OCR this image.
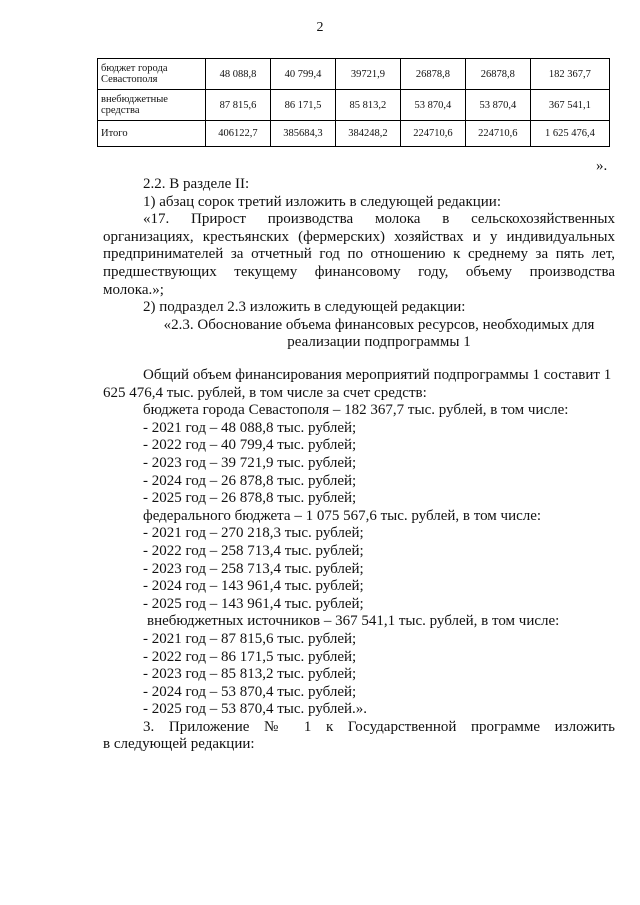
2
бюджет города Севастополя	48 088,8	40 799,4	39721,9	26878,8	26878,8	182 367,7
внебюджетные средства	87 815,6	86 171,5	85 813,2	53 870,4	53 870,4	367 541,1
Итого	406122,7	385684,3	384248,2	224710,6	224710,6	1 625 476,4
».
2.2. В разделе II:
1) абзац сорок третий изложить в следующей редакции:
«17. Прирост производства молока в сельскохозяйственных
организациях, крестьянских (фермерских) хозяйствах и у индивидуальных
предпринимателей за отчетный год по отношению к среднему за пять лет,
предшествующих текущему финансовому году, объему производства
молока.»;
2) подраздел 2.3 изложить в следующей редакции:
«2.3. Обоснование объема финансовых ресурсов, необходимых для
реализации подпрограммы 1
Общий объем финансирования мероприятий подпрограммы 1 составит 1
625 476,4 тыс. рублей, в том числе за счет средств:
бюджета города Севастополя – 182 367,7 тыс. рублей, в том числе:
- 2021 год – 48 088,8 тыс. рублей;
- 2022 год – 40 799,4 тыс. рублей;
- 2023 год – 39 721,9 тыс. рублей;
- 2024 год – 26 878,8 тыс. рублей;
- 2025 год – 26 878,8 тыс. рублей;
федерального бюджета – 1 075 567,6 тыс. рублей, в том числе:
- 2021 год – 270 218,3 тыс. рублей;
- 2022 год – 258 713,4 тыс. рублей;
- 2023 год – 258 713,4 тыс. рублей;
- 2024 год – 143 961,4 тыс. рублей;
- 2025 год – 143 961,4 тыс. рублей;
внебюджетных источников – 367 541,1 тыс. рублей, в том числе:
- 2021 год – 87 815,6 тыс. рублей;
- 2022 год – 86 171,5 тыс. рублей;
- 2023 год – 85 813,2 тыс. рублей;
- 2024 год – 53 870,4 тыс. рублей;
- 2025 год – 53 870,4 тыс. рублей.».
3. Приложение № 1 к Государственной программе изложить
в следующей редакции:
